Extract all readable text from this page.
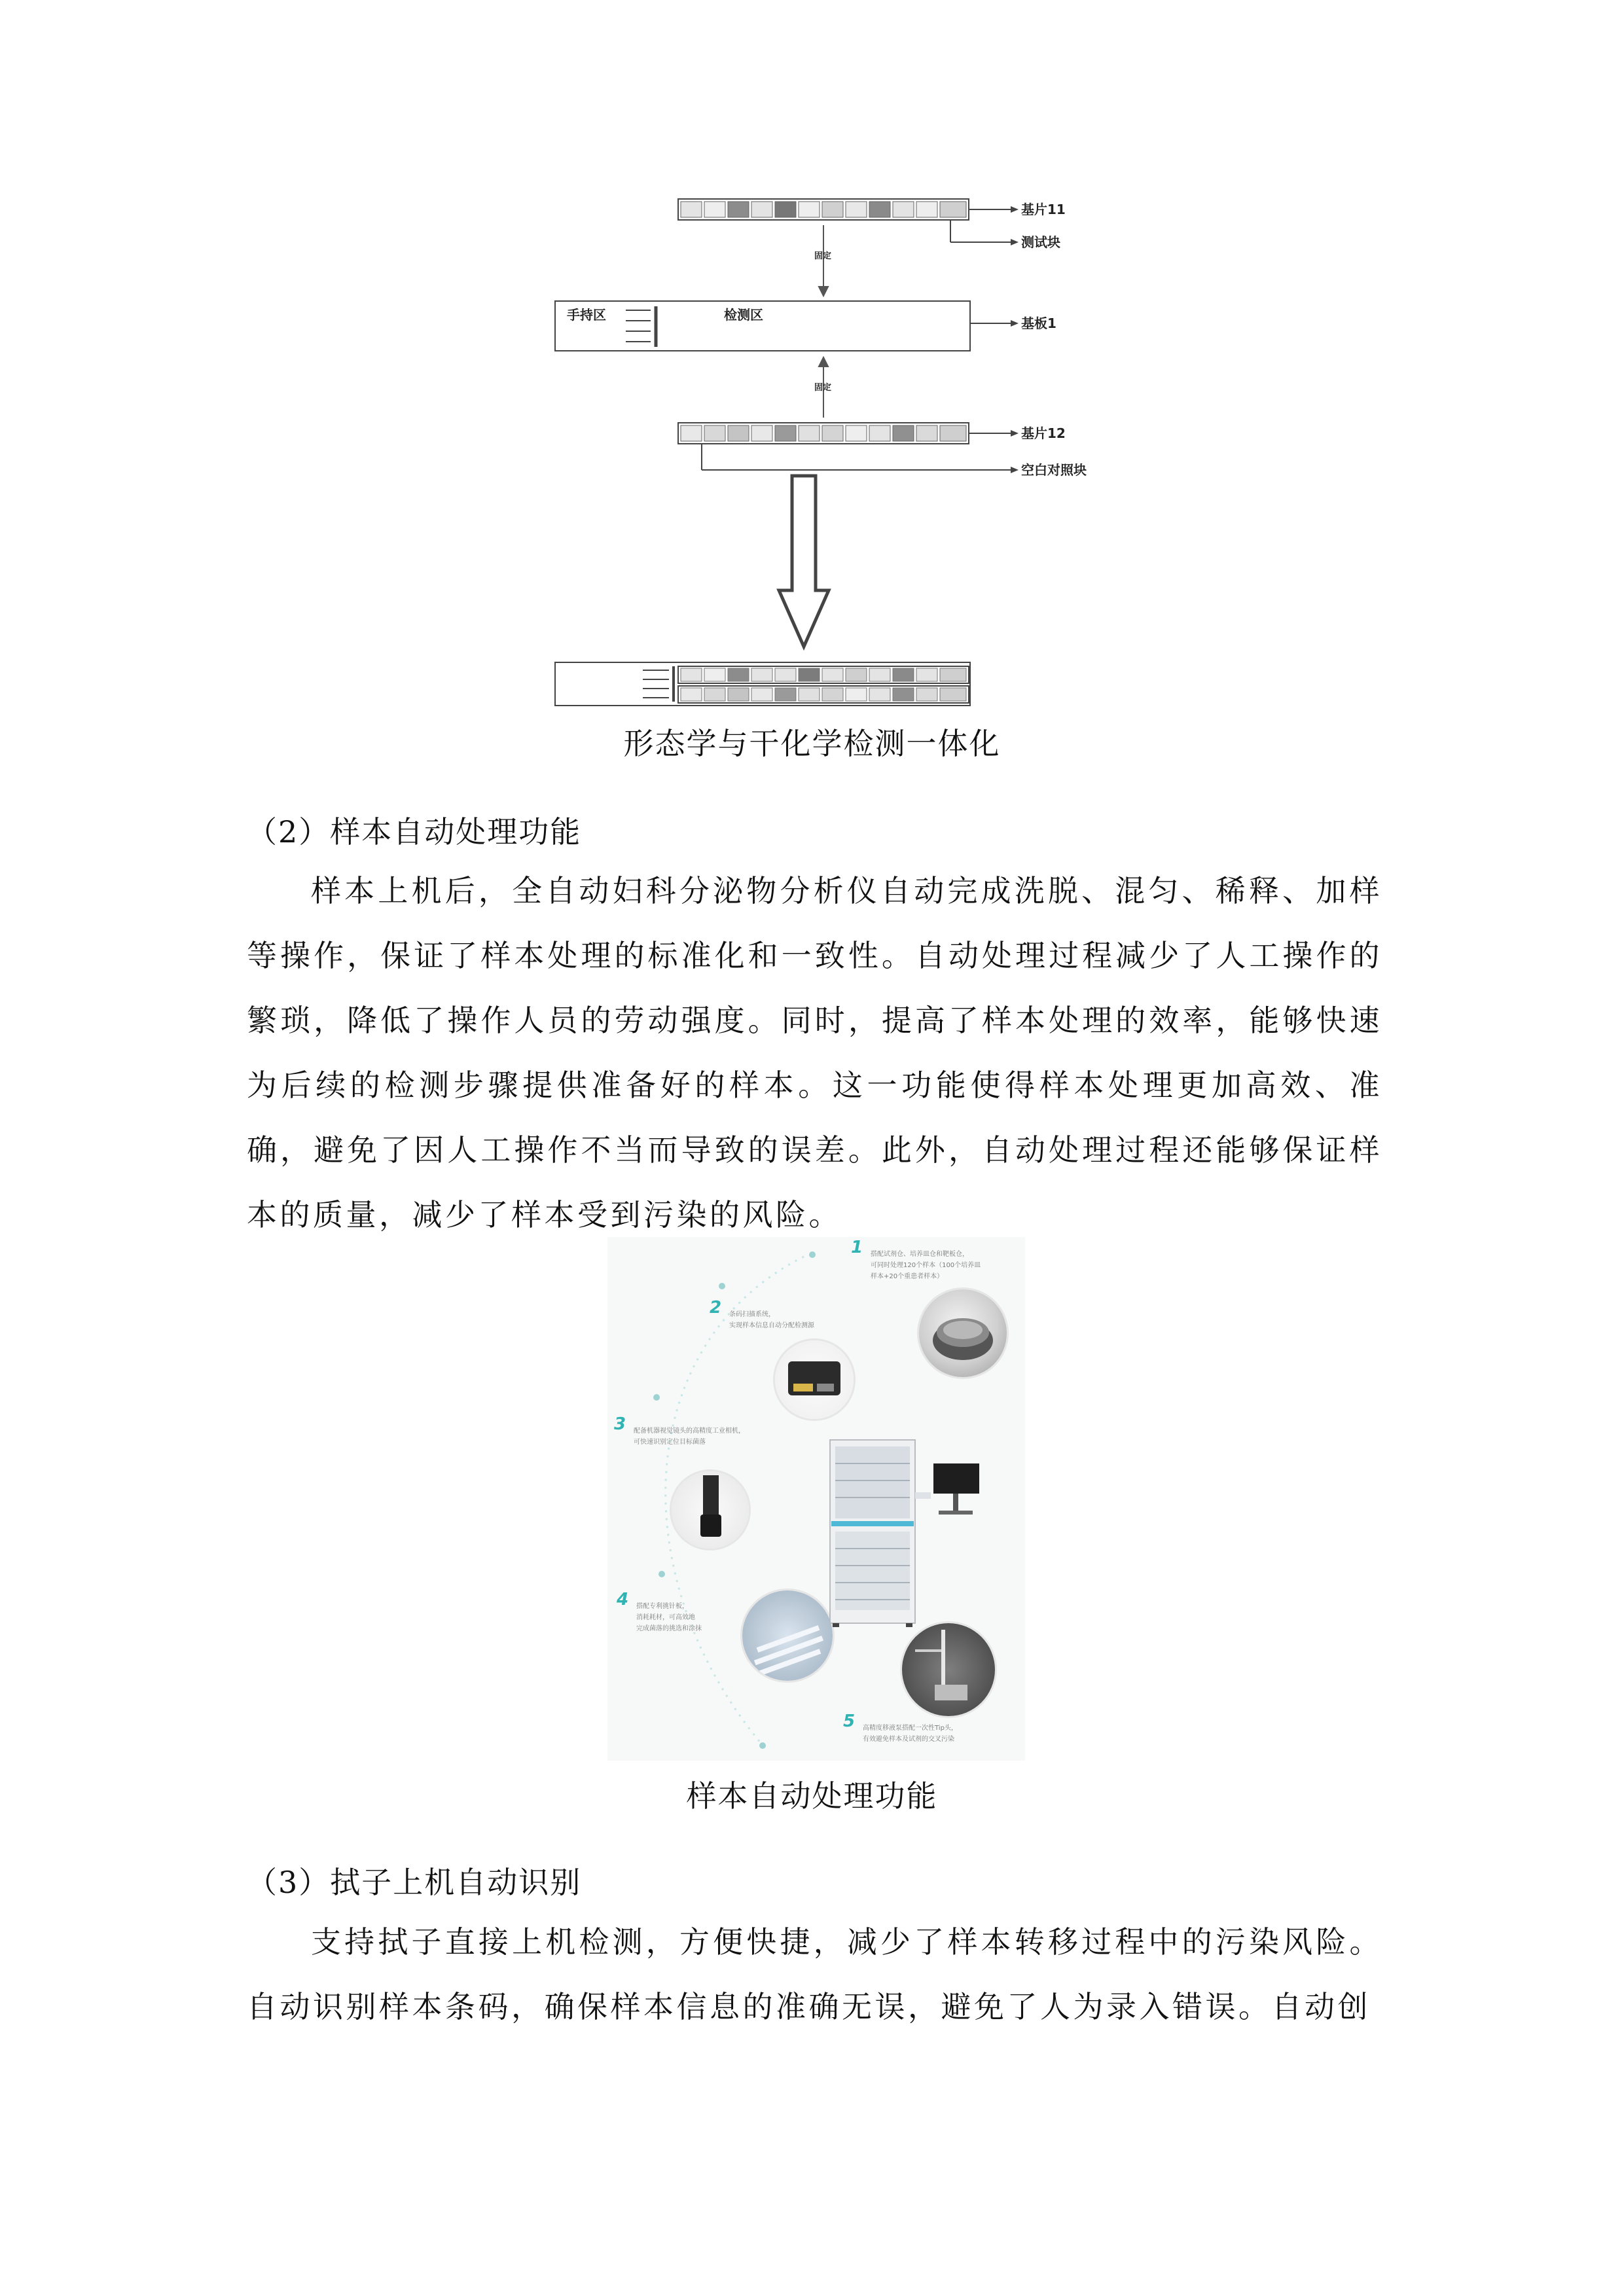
基片11
测试块
固定
手持区	检测区
基板1
固定
基片12
空白对照块
形态学与干化学检测一体化
（2）样本自动处理功能
样本上机后，全自动妇科分泌物分析仪自动完成洗脱、混匀、稀释、加样等操作，保证了样本处理的标准化和一致性。自动处理过程减少了人工操作的繁琐，降低了操作人员的劳动强度。同时，提高了样本处理的效率，能够快速为后续的检测步骤提供准备好的样本。这一功能使得样本处理更加高效、准确，避免了因人工操作不当而导致的误差。此外，自动处理过程还能够保证样本的质量，减少了样本受到污染的风险。
1 搭配试剂仓、培养皿仓和靶板仓，
可同时处理120个样本（100个培养皿
样本+20个重患者样本）
2 条码扫描系统，
实现样本信息自动分配检测源
3 配备机器视觉镜头的高精度工业相机，
可快速识别定位目标菌落
4 搭配专利挑针板，
消耗耗材，可高效地
完成菌落的挑选和涂抹
5 高精度移液泵搭配一次性Tip头，
有效避免样本及试剂的交叉污染
样本自动处理功能
（3）拭子上机自动识别
支持拭子直接上机检测，方便快捷，减少了样本转移过程中的污染风险。自动识别样本条码，确保样本信息的准确无误，避免了人为录入错误。自动创
